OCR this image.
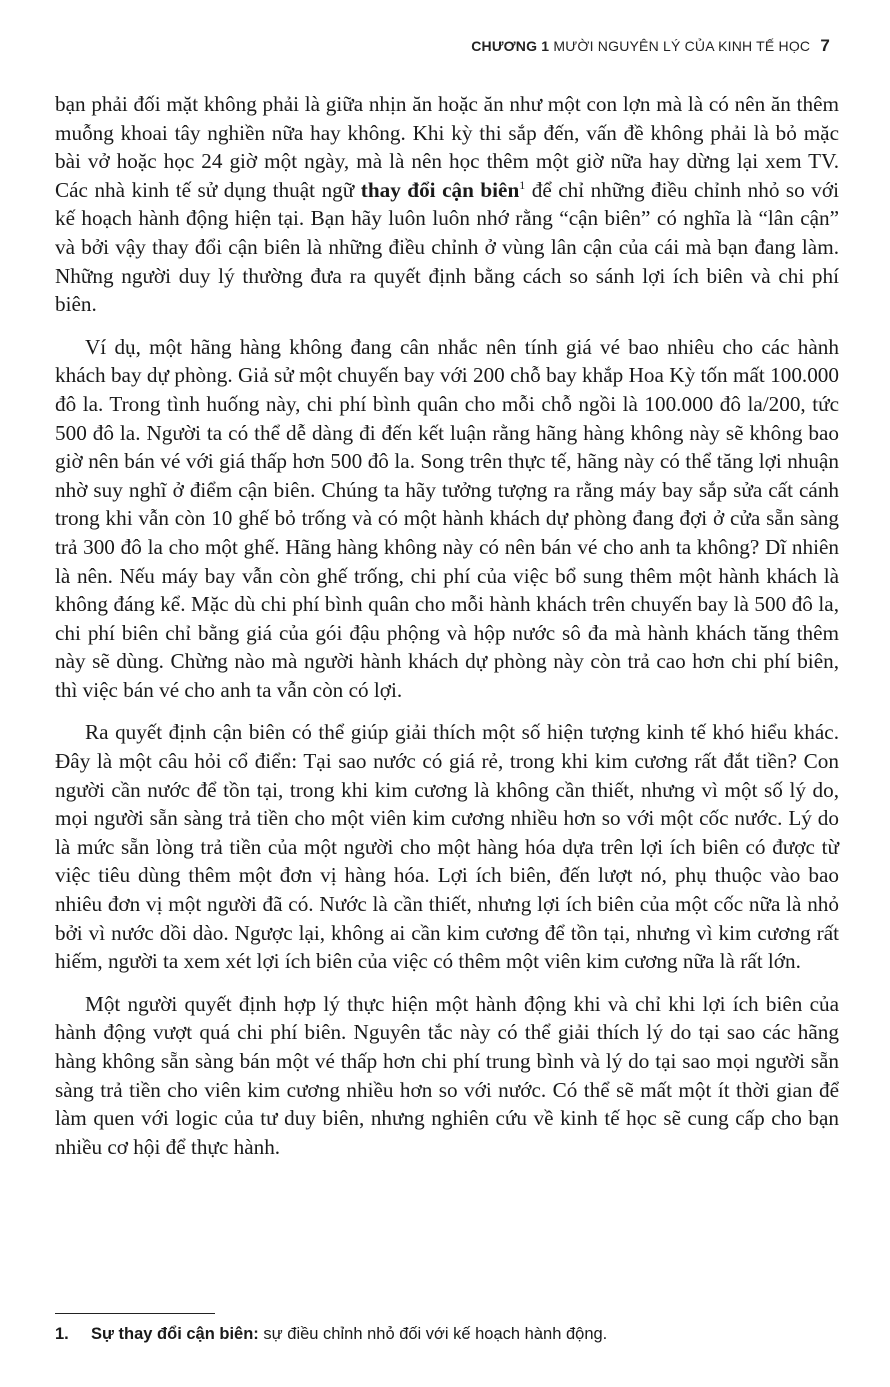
CHƯƠNG 1 MƯỜI NGUYÊN LÝ CỦA KINH TẾ HỌC 7

bạn phải đối mặt không phải là giữa nhịn ăn hoặc ăn như một con lợn mà là có nên ăn thêm muỗng khoai tây nghiền nữa hay không. Khi kỳ thi sắp đến, vấn đề không phải là bỏ mặc bài vở hoặc học 24 giờ một ngày, mà là nên học thêm một giờ nữa hay dừng lại xem TV. Các nhà kinh tế sử dụng thuật ngữ thay đổi cận biên$^1$ để chỉ những điều chỉnh nhỏ so với kế hoạch hành động hiện tại. Bạn hãy luôn luôn nhớ rằng “cận biên” có nghĩa là “lân cận” và bởi vậy thay đổi cận biên là những điều chỉnh ở vùng lân cận của cái mà bạn đang làm. Những người duy lý thường đưa ra quyết định bằng cách so sánh lợi ích biên và chi phí biên.

Ví dụ, một hãng hàng không đang cân nhắc nên tính giá vé bao nhiêu cho các hành khách bay dự phòng. Giả sử một chuyến bay với 200 chỗ bay khắp Hoa Kỳ tốn mất 100.000 đô la. Trong tình huống này, chi phí bình quân cho mỗi chỗ ngồi là 100.000 đô la/200, tức 500 đô la. Người ta có thể dễ dàng đi đến kết luận rằng hãng hàng không này sẽ không bao giờ nên bán vé với giá thấp hơn 500 đô la. Song trên thực tế, hãng này có thể tăng lợi nhuận nhờ suy nghĩ ở điểm cận biên. Chúng ta hãy tưởng tượng ra rằng máy bay sắp sửa cất cánh trong khi vẫn còn 10 ghế bỏ trống và có một hành khách dự phòng đang đợi ở cửa sẵn sàng trả 300 đô la cho một ghế. Hãng hàng không này có nên bán vé cho anh ta không? Dĩ nhiên là nên. Nếu máy bay vẫn còn ghế trống, chi phí của việc bổ sung thêm một hành khách là không đáng kể. Mặc dù chi phí bình quân cho mỗi hành khách trên chuyến bay là 500 đô la, chi phí biên chỉ bằng giá của gói đậu phộng và hộp nước sô đa mà hành khách tăng thêm này sẽ dùng. Chừng nào mà người hành khách dự phòng này còn trả cao hơn chi phí biên, thì việc bán vé cho anh ta vẫn còn có lợi.

Ra quyết định cận biên có thể giúp giải thích một số hiện tượng kinh tế khó hiểu khác. Đây là một câu hỏi cổ điển: Tại sao nước có giá rẻ, trong khi kim cương rất đắt tiền? Con người cần nước để tồn tại, trong khi kim cương là không cần thiết, nhưng vì một số lý do, mọi người sẵn sàng trả tiền cho một viên kim cương nhiều hơn so với một cốc nước. Lý do là mức sẵn lòng trả tiền của một người cho một hàng hóa dựa trên lợi ích biên có được từ việc tiêu dùng thêm một đơn vị hàng hóa. Lợi ích biên, đến lượt nó, phụ thuộc vào bao nhiêu đơn vị một người đã có. Nước là cần thiết, nhưng lợi ích biên của một cốc nữa là nhỏ bởi vì nước dồi dào. Ngược lại, không ai cần kim cương để tồn tại, nhưng vì kim cương rất hiếm, người ta xem xét lợi ích biên của việc có thêm một viên kim cương nữa là rất lớn.

Một người quyết định hợp lý thực hiện một hành động khi và chỉ khi lợi ích biên của hành động vượt quá chi phí biên. Nguyên tắc này có thể giải thích lý do tại sao các hãng hàng không sẵn sàng bán một vé thấp hơn chi phí trung bình và lý do tại sao mọi người sẵn sàng trả tiền cho viên kim cương nhiều hơn so với nước. Có thể sẽ mất một ít thời gian để làm quen với logic của tư duy biên, nhưng nghiên cứu về kinh tế học sẽ cung cấp cho bạn nhiều cơ hội để thực hành.

1. Sự thay đổi cận biên: sự điều chỉnh nhỏ đối với kế hoạch hành động.
